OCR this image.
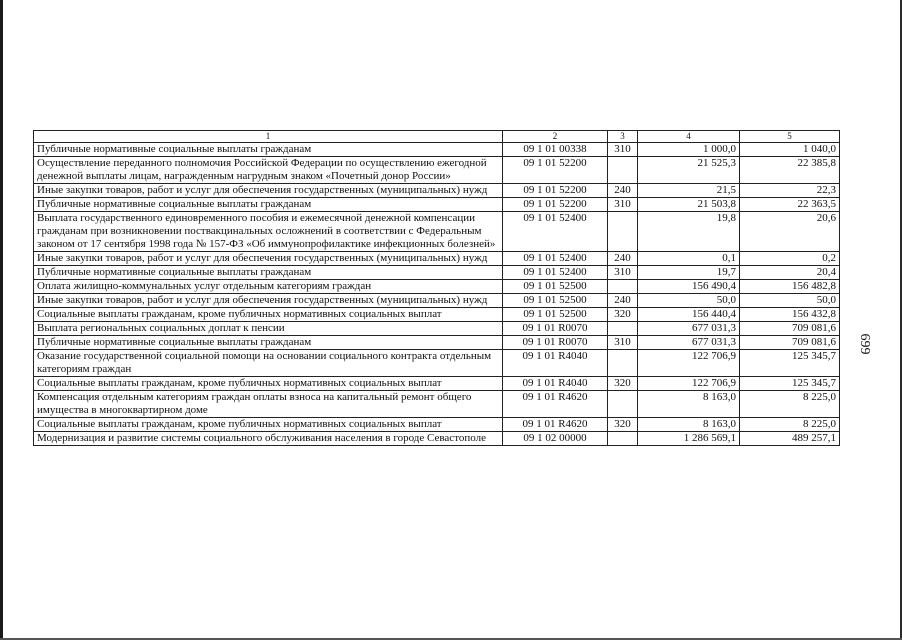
699
1	2	3	4	5
Публичные нормативные социальные выплаты гражданам	09 1 01 00338	310	1 000,0	1 040,0
Осуществление переданного полномочия Российской Федерации по осуществлению ежегодной денежной выплаты лицам, награжденным нагрудным знаком «Почетный донор России»	09 1 01 52200		21 525,3	22 385,8
Иные закупки товаров, работ и услуг для обеспечения государственных (муниципальных) нужд	09 1 01 52200	240	21,5	22,3
Публичные нормативные социальные выплаты гражданам	09 1 01 52200	310	21 503,8	22 363,5
Выплата государственного единовременного пособия и ежемесячной денежной компенсации гражданам при возникновении поствакцинальных осложнений в соответствии с Федеральным законом от 17 сентября 1998 года № 157-ФЗ «Об иммунопрофилактике инфекционных болезней»	09 1 01 52400		19,8	20,6
Иные закупки товаров, работ и услуг для обеспечения государственных (муниципальных) нужд	09 1 01 52400	240	0,1	0,2
Публичные нормативные социальные выплаты гражданам	09 1 01 52400	310	19,7	20,4
Оплата жилищно-коммунальных услуг отдельным категориям граждан	09 1 01 52500		156 490,4	156 482,8
Иные закупки товаров, работ и услуг для обеспечения государственных (муниципальных) нужд	09 1 01 52500	240	50,0	50,0
Социальные выплаты гражданам, кроме публичных нормативных социальных выплат	09 1 01 52500	320	156 440,4	156 432,8
Выплата региональных социальных доплат к пенсии	09 1 01 R0070		677 031,3	709 081,6
Публичные нормативные социальные выплаты гражданам	09 1 01 R0070	310	677 031,3	709 081,6
Оказание государственной социальной помощи на основании социального контракта отдельным категориям граждан	09 1 01 R4040		122 706,9	125 345,7
Социальные выплаты гражданам, кроме публичных нормативных социальных выплат	09 1 01 R4040	320	122 706,9	125 345,7
Компенсация отдельным категориям граждан оплаты взноса на капитальный ремонт общего имущества в многоквартирном доме	09 1 01 R4620		8 163,0	8 225,0
Социальные выплаты гражданам, кроме публичных нормативных социальных выплат	09 1 01 R4620	320	8 163,0	8 225,0
Модернизация и развитие системы социального обслуживания населения в городе Севастополе	09 1 02 00000		1 286 569,1	489 257,1
